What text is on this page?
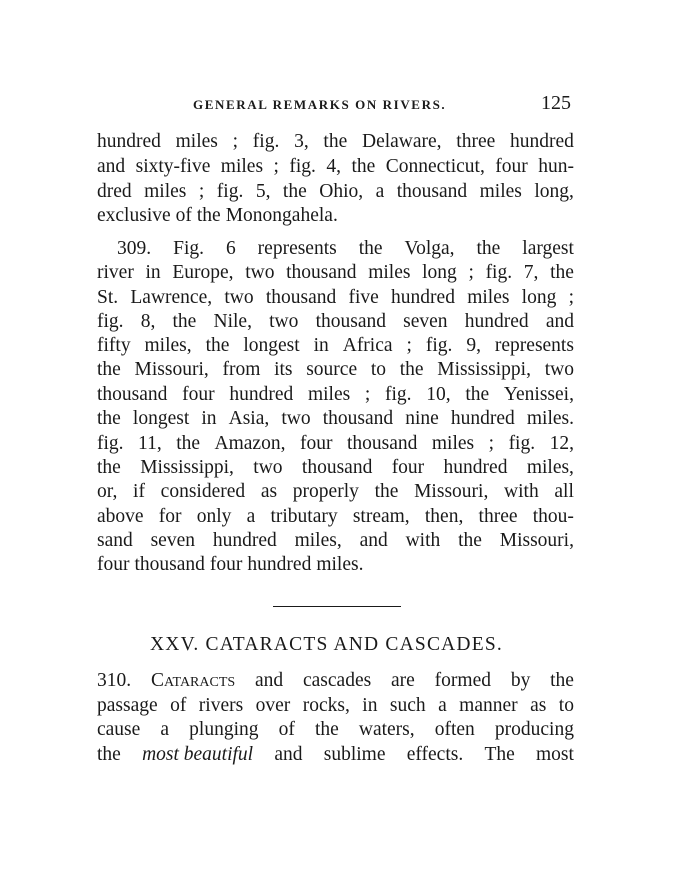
GENERAL REMARKS ON RIVERS.	125
hundred miles ; fig. 3, the Delaware, three hundred
and sixty-five miles ; fig. 4, the Connecticut, four hun-
dred miles ; fig. 5, the Ohio, a thousand miles long,
exclusive of the Monongahela.
309. Fig. 6 represents the Volga, the largest
river in Europe, two thousand miles long ; fig. 7, the
St. Lawrence, two thousand five hundred miles long ;
fig. 8, the Nile, two thousand seven hundred and
fifty miles, the longest in Africa ; fig. 9, represents
the Missouri, from its source to the Mississippi, two
thousand four hundred miles ; fig. 10, the Yenissei,
the longest in Asia, two thousand nine hundred miles.
fig. 11, the Amazon, four thousand miles ; fig. 12,
the Mississippi, two thousand four hundred miles,
or, if considered as properly the Missouri, with all
above for only a tributary stream, then, three thou-
sand seven hundred miles, and with the Missouri,
four thousand four hundred miles.
XXV. CATARACTS AND CASCADES.
310. Cataracts and cascades are formed by the
passage of rivers over rocks, in such a manner as to
cause a plunging of the waters, often producing
the most beautiful and sublime effects. The most
